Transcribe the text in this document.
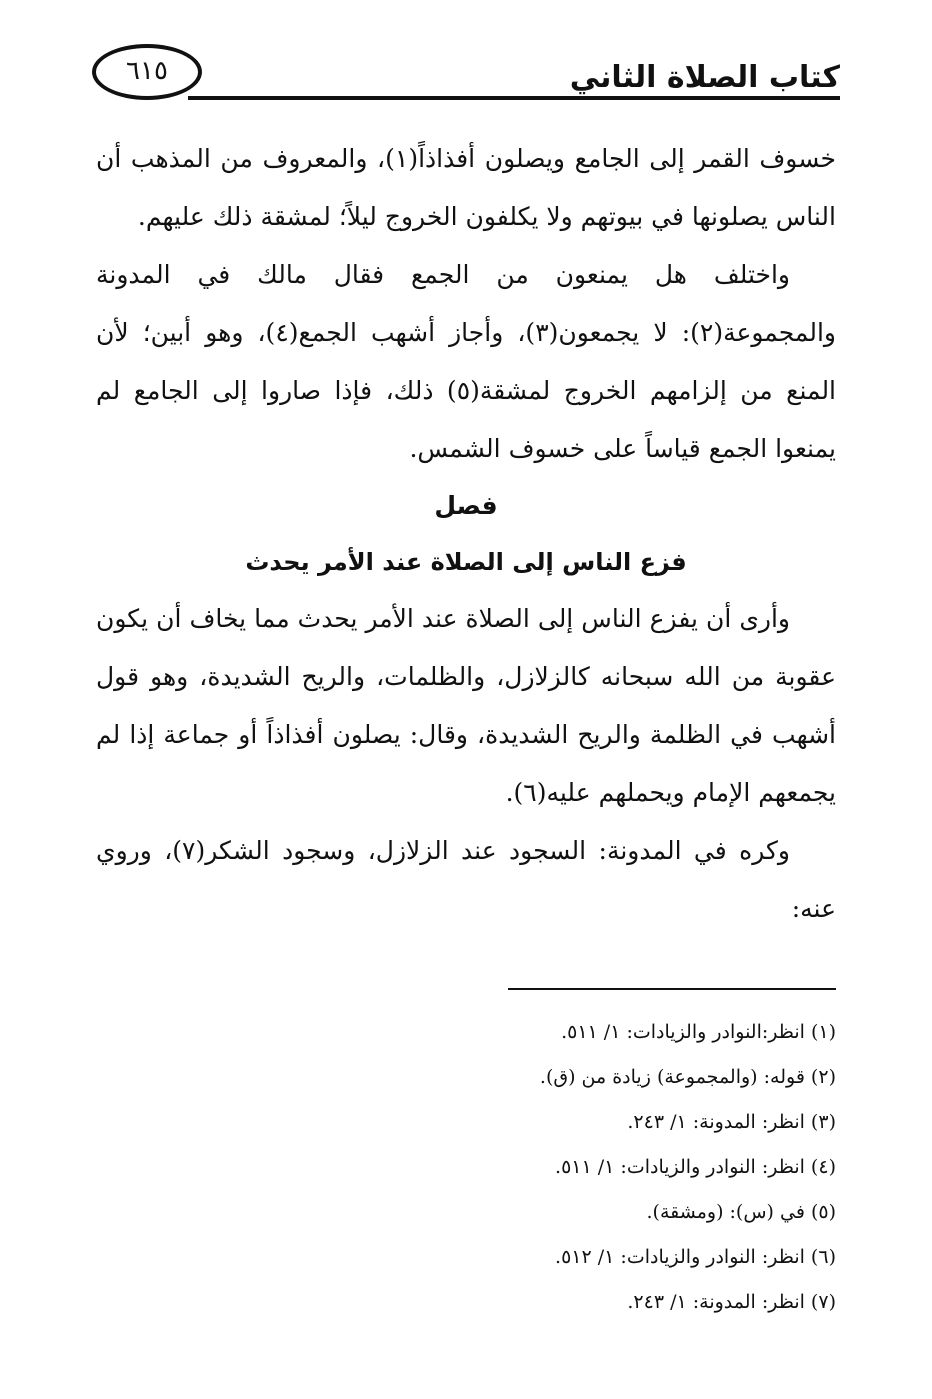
٦١٥	كتاب الصلاة الثاني

خسوف القمر إلى الجامع ويصلون أفذاذاً(١)، والمعروف من المذهب أن الناس يصلونها في بيوتهم ولا يكلفون الخروج ليلاً؛ لمشقة ذلك عليهم.

واختلف هل يمنعون من الجمع فقال مالك في المدونة والمجموعة(٢): لا يجمعون(٣)، وأجاز أشهب الجمع(٤)، وهو أبين؛ لأن المنع من إلزامهم الخروج لمشقة(٥) ذلك، فإذا صاروا إلى الجامع لم يمنعوا الجمع قياساً على خسوف الشمس.

فصل

فزع الناس إلى الصلاة عند الأمر يحدث

وأرى أن يفزع الناس إلى الصلاة عند الأمر يحدث مما يخاف أن يكون عقوبة من الله سبحانه كالزلازل، والظلمات، والريح الشديدة، وهو قول أشهب في الظلمة والريح الشديدة، وقال: يصلون أفذاذاً أو جماعة إذا لم يجمعهم الإمام ويحملهم عليه(٦).

وكره في المدونة: السجود عند الزلازل، وسجود الشكر(٧)، وروي عنه:

(١) انظر:النوادر والزيادات: ١/ ٥١١.
(٢) قوله: (والمجموعة) زيادة من (ق).
(٣) انظر: المدونة: ١/ ٢٤٣.
(٤) انظر: النوادر والزيادات: ١/ ٥١١.
(٥) في (س): (ومشقة).
(٦) انظر: النوادر والزيادات: ١/ ٥١٢.
(٧) انظر: المدونة: ١/ ٢٤٣.
